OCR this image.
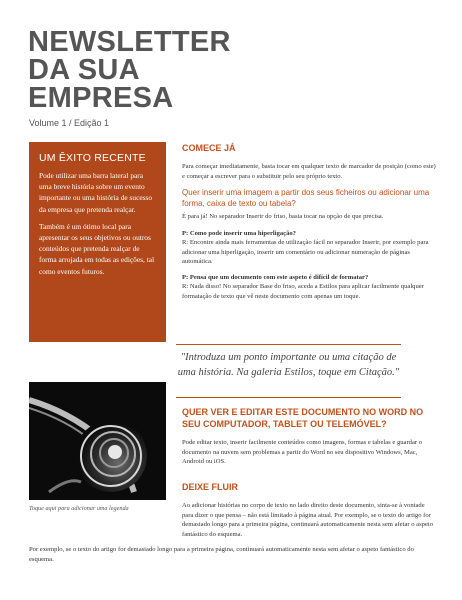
NEWSLETTER
DA SUA
EMPRESA
Volume 1 / Edição 1
UM ÊXITO RECENTE

Pode utilizar uma barra lateral para uma breve história sobre um evento importante ou uma história de sucesso da empresa que pretenda realçar.

Também é um ótimo local para apresentar os seus objetivos ou outros conteúdos que pretenda realçar de forma arrojada em todas as edições, tal como eventos futuros.

Toque aqui para adicionar uma legenda

COMECE JÁ

Para começar imediatamente, basta tocar em qualquer texto de marcador de posição (como este) e começar a escrever para o substituir pelo seu próprio texto.

Quer inserir uma imagem a partir dos seus ficheiros ou adicionar uma forma, caixa de texto ou tabela?

É para já! No separador Inserir do friso, basta tocar na opção de que precisa.

P: Como pode inserir uma hiperligação?

R: Encontre ainda mais ferramentas de utilização fácil no separador Inserir, por exemplo para adicionar uma hiperligação, inserir um comentário ou adicionar numeração de páginas automática.

P: Pensa que um documento com este aspeto é difícil de formatar?

R: Nada disso! No separador Base do friso, aceda a Estilos para aplicar facilmente qualquer formatação de texto que vê neste documento com apenas um toque.

"Introduza um ponto importante ou uma citação de uma história. Na galeria Estilos, toque em Citação."

QUER VER E EDITAR ESTE DOCUMENTO NO WORD NO SEU COMPUTADOR, TABLET OU TELEMÓVEL?

Pode editar texto, inserir facilmente conteúdos como imagens, formas e tabelas e guardar o documento na nuvem sem problemas a partir do Word no seu dispositivo Windows, Mac, Android ou iOS.

DEIXE FLUIR

Ao adicionar histórias no corpo de texto no lado direito deste documento, sinta-se à vontade para dizer o que pensa – não está limitado à página atual. Por exemplo, se o texto do artigo for demasiado longo para a primeira página, continuará automaticamente nesta sem afetar o aspeto fantástico do esquema.

Por exemplo, se o texto do artigo for demasiado longo para a primeira página, continuará automaticamente nesta sem afetar o aspeto fantástico do esquema.
